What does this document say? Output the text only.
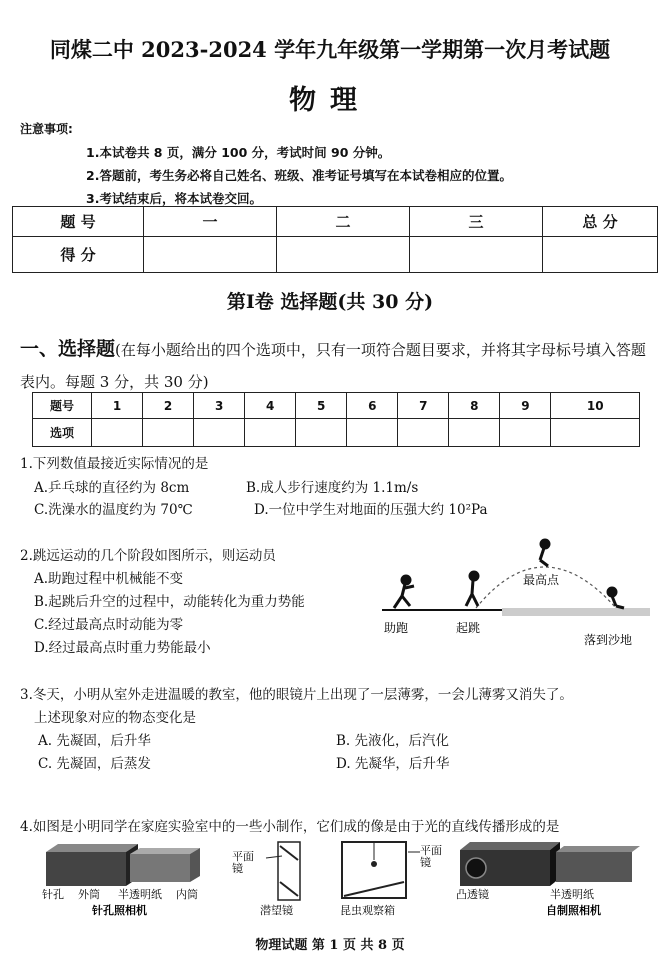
同煤二中 2023-2024 学年九年级第一学期第一次月考试题
物理
注意事项:
1.本试卷共 8 页，满分 100 分，考试时间 90 分钟。
2.答题前，考生务必将自己姓名、班级、准考证号填写在本试卷相应的位置。
3.考试结束后，将本试卷交回。
题 号	一	二	三	总 分
得 分				
第Ⅰ卷 选择题(共 30 分)
一、选择题(在每小题给出的四个选项中，只有一项符合题目要求，并将其字母标号填入答题表内。每题 3 分，共 30 分)
题号	1	2	3	4	5	6	7	8	9	10
选项										
1.下列数值最接近实际情况的是
A.乒乓球的直径约为 8cm	B.成人步行速度约为 1.1m/s
C.洗澡水的温度约为 70℃	D.一位中学生对地面的压强大约 10²Pa
2.跳远运动的几个阶段如图所示，则运动员
A.助跑过程中机械能不变
B.起跳后升空的过程中，动能转化为重力势能
C.经过最高点时动能为零
D.经过最高点时重力势能最小
助跑	起跳
最高点
落到沙地
3.冬天，小明从室外走进温暖的教室，他的眼镜片上出现了一层薄雾，一会儿薄雾又消失了。
上述现象对应的物态变化是
A. 先凝固，后升华	B. 先液化，后汽化
C. 先凝固，后蒸发	D. 先凝华，后升华
4.如图是小明同学在家庭实验室中的一些小制作，它们成的像是由于光的直线传播形成的是
针孔 外筒 半透明纸 内筒
针孔照相机
平面
镜
潜望镜
平面
镜
昆虫观察箱
凸透镜	半透明纸
自制照相机
物理试题 第 1 页 共 8 页
